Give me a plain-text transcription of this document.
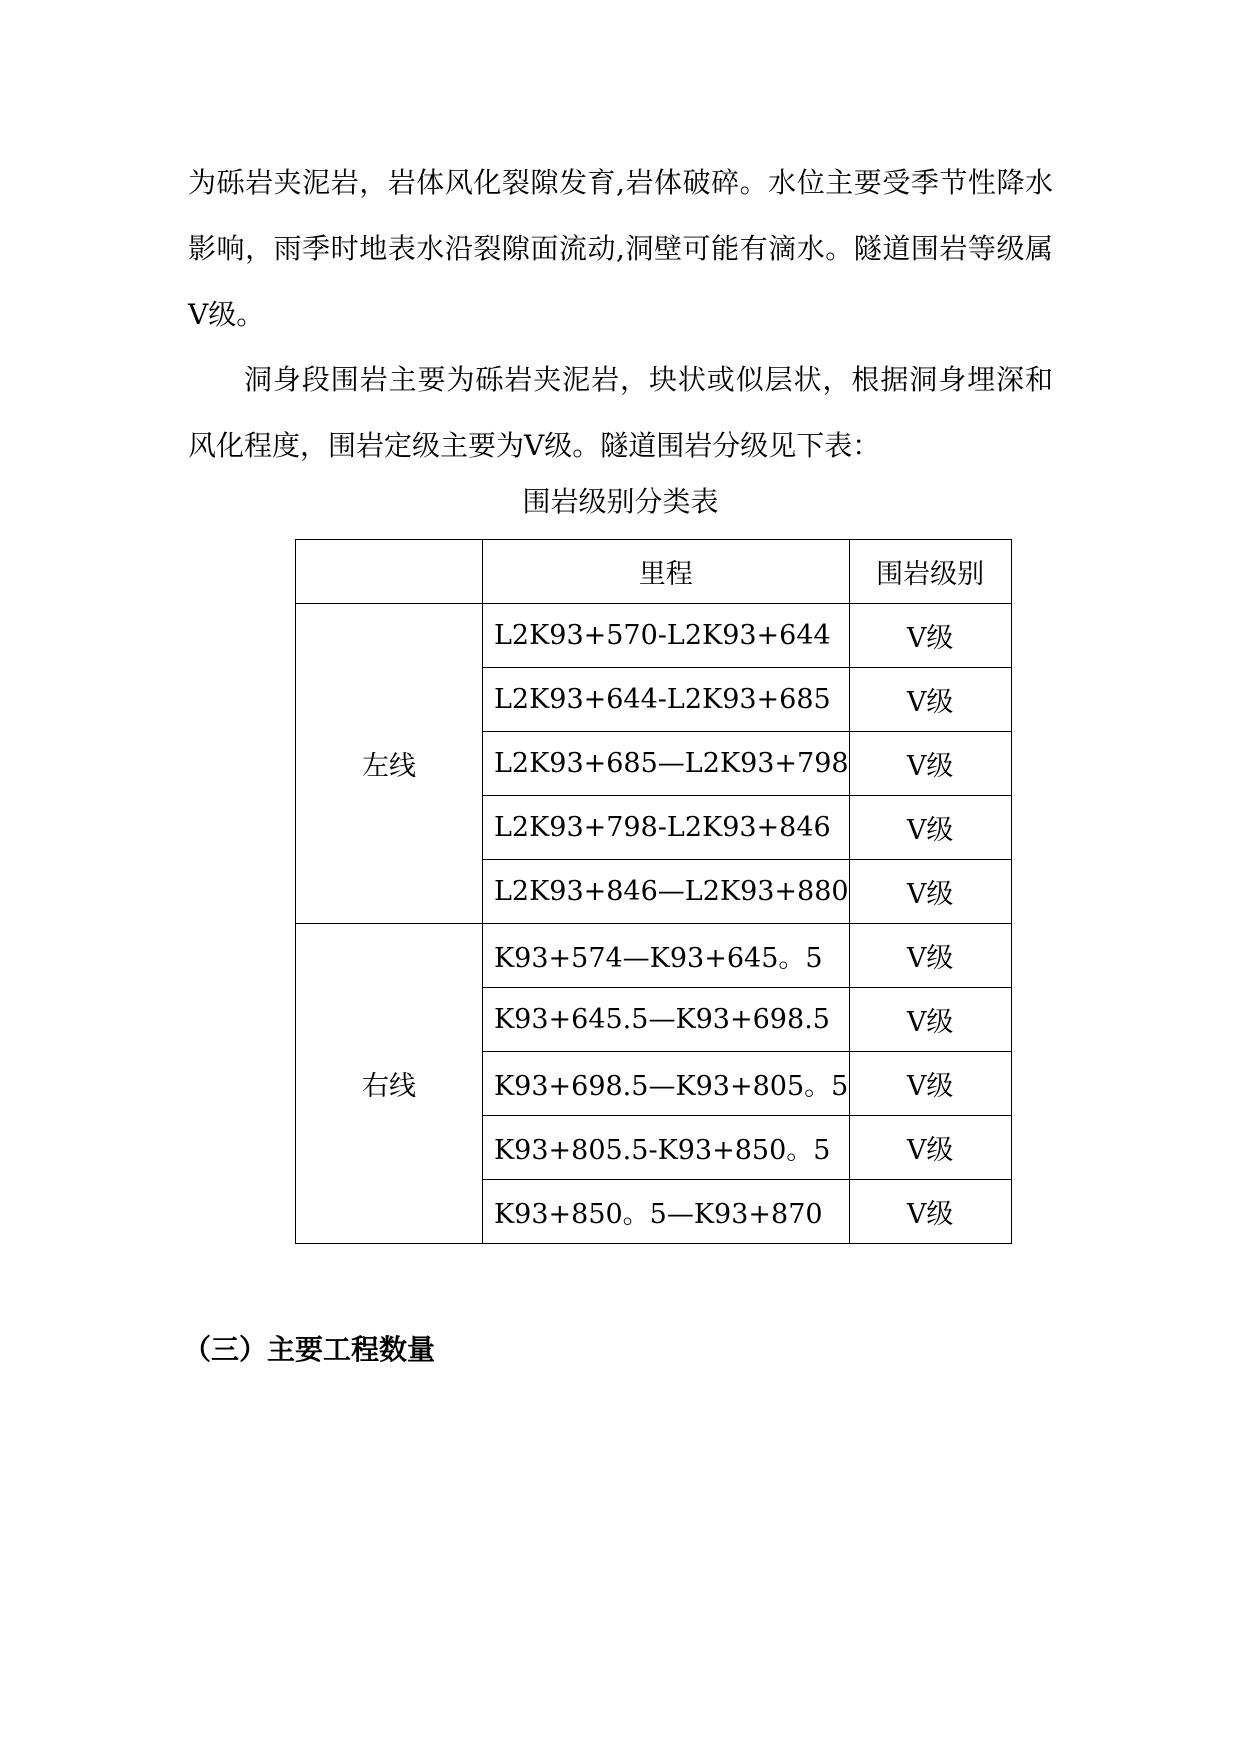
为砾岩夹泥岩，岩体风化裂隙发育,岩体破碎。水位主要受季节性降水影响，雨季时地表水沿裂隙面流动,洞壁可能有滴水。隧道围岩等级属Ⅴ级。

洞身段围岩主要为砾岩夹泥岩，块状或似层状，根据洞身埋深和风化程度，围岩定级主要为Ⅴ级。隧道围岩分级见下表：

围岩级别分类表

	里程	围岩级别
左线	L2K93+570-L2K93+644	Ⅴ级
	L2K93+644-L2K93+685	Ⅴ级
	L2K93+685—L2K93+798	Ⅴ级
	L2K93+798-L2K93+846	Ⅴ级
	L2K93+846—L2K93+880	Ⅴ级
右线	K93+574—K93+645。5	Ⅴ级
	K93+645.5—K93+698.5	Ⅴ级
	K93+698.5—K93+805。5	Ⅴ级
	K93+805.5-K93+850。5	Ⅴ级
	K93+850。5—K93+870	Ⅴ级

（三）主要工程数量
